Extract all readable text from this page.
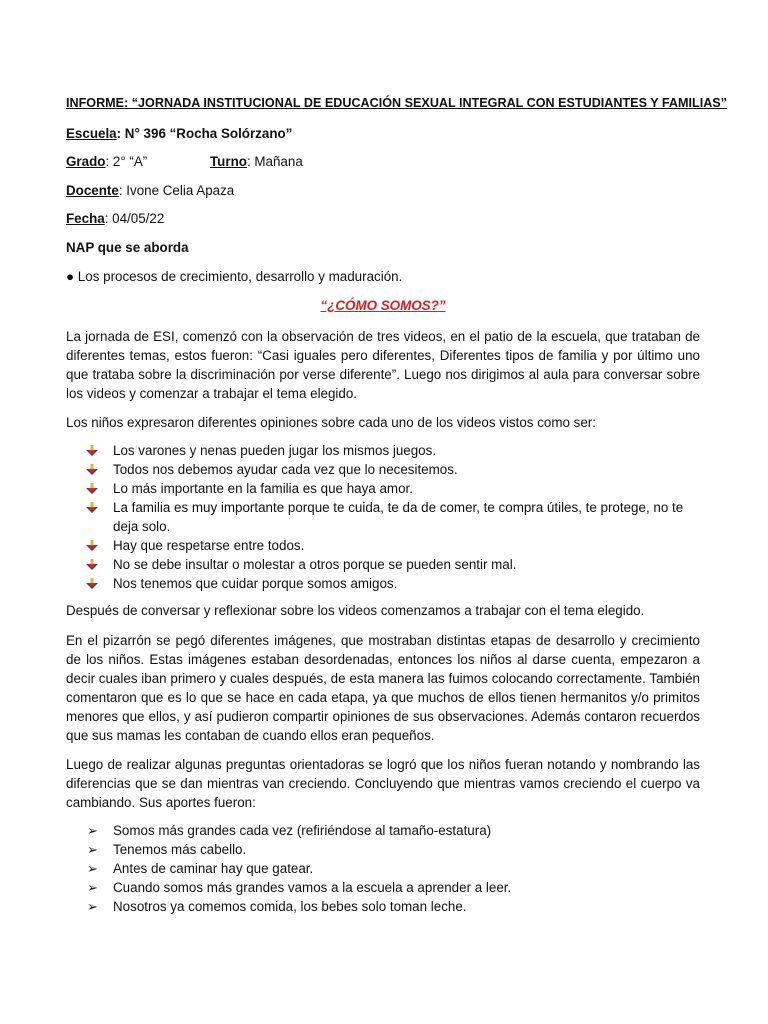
INFORME: “JORNADA INSTITUCIONAL DE EDUCACIÓN SEXUAL INTEGRAL CON ESTUDIANTES Y FAMILIAS”
Escuela: N° 396 “Rocha Solórzano”
Grado: 2° “A”	Turno: Mañana
Docente: Ivone Celia Apaza
Fecha: 04/05/22
NAP que se aborda
● Los procesos de crecimiento, desarrollo y maduración.
“¿CÓMO SOMOS?”
La jornada de ESI, comenzó con la observación de tres videos, en el patio de la escuela, que trataban de diferentes temas, estos fueron: “Casi iguales pero diferentes, Diferentes tipos de familia y por último uno que trataba sobre la discriminación por verse diferente”. Luego nos dirigimos al aula para conversar sobre los videos y comenzar a trabajar el tema elegido.
Los niños expresaron diferentes opiniones sobre cada uno de los videos vistos como ser:
Los varones y nenas pueden jugar los mismos juegos.
Todos nos debemos ayudar cada vez que lo necesitemos.
Lo más importante en la familia es que haya amor.
La familia es muy importante porque te cuida, te da de comer, te compra útiles, te protege, no te deja solo.
Hay que respetarse entre todos.
No se debe insultar o molestar a otros porque se pueden sentir mal.
Nos tenemos que cuidar porque somos amigos.
Después de conversar y reflexionar sobre los videos comenzamos a trabajar con el tema elegido.
En el pizarrón se pegó diferentes imágenes, que mostraban distintas etapas de desarrollo y crecimiento de los niños. Estas imágenes estaban desordenadas, entonces los niños al darse cuenta, empezaron a decir cuales iban primero y cuales después, de esta manera las fuimos colocando correctamente. También comentaron que es lo que se hace en cada etapa, ya que muchos de ellos tienen hermanitos y/o primitos menores que ellos, y así pudieron compartir opiniones de sus observaciones. Además contaron recuerdos que sus mamas les contaban de cuando ellos eran pequeños.
Luego de realizar algunas preguntas orientadoras se logró que los niños fueran notando y nombrando las diferencias que se dan mientras van creciendo. Concluyendo que mientras vamos creciendo el cuerpo va cambiando. Sus aportes fueron:
➢ Somos más grandes cada vez (refiriéndose al tamaño-estatura)
➢ Tenemos más cabello.
➢ Antes de caminar hay que gatear.
➢ Cuando somos más grandes vamos a la escuela a aprender a leer.
➢ Nosotros ya comemos comida, los bebes solo toman leche.
